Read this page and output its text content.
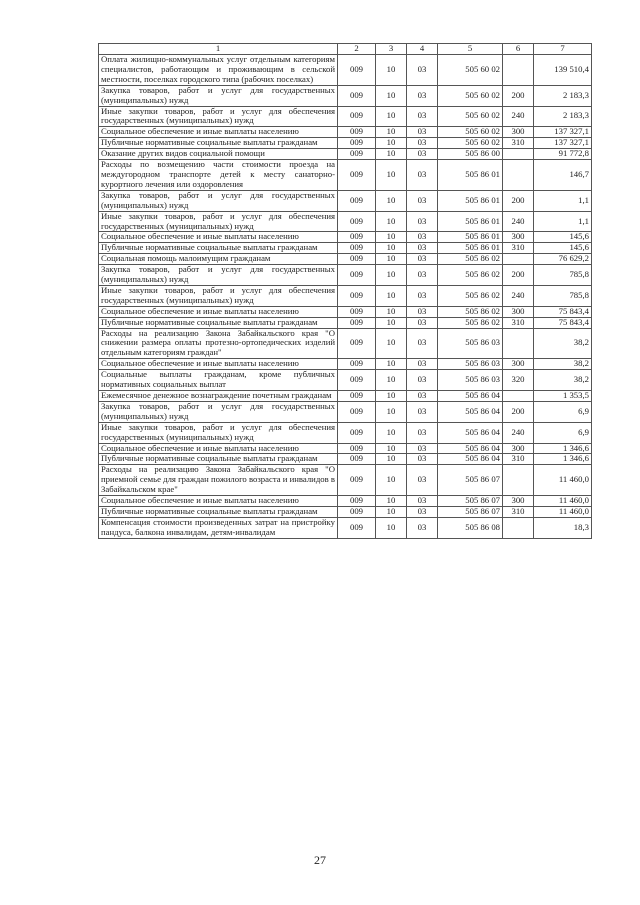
1	2	3	4	5	6	7
Оплата жилищно-коммунальных услуг отдельным категориям специалистов, работающим и проживающим в сельской местности, поселках городского типа (рабочих поселках)	009	10	03	505 60 02		139 510,4
Закупка товаров, работ и услуг для государственных (муниципальных) нужд	009	10	03	505 60 02	200	2 183,3
Иные закупки товаров, работ и услуг для обеспечения государственных (муниципальных) нужд	009	10	03	505 60 02	240	2 183,3
Социальное обеспечение и иные выплаты населению	009	10	03	505 60 02	300	137 327,1
Публичные нормативные социальные выплаты гражданам	009	10	03	505 60 02	310	137 327,1
Оказание других видов социальной помощи	009	10	03	505 86 00		91 772,8
Расходы по возмещению части стоимости проезда на междугородном транспорте детей к месту санаторно-курортного лечения или оздоровления	009	10	03	505 86 01		146,7
Закупка товаров, работ и услуг для государственных (муниципальных) нужд	009	10	03	505 86 01	200	1,1
Иные закупки товаров, работ и услуг для обеспечения государственных (муниципальных) нужд	009	10	03	505 86 01	240	1,1
Социальное обеспечение и иные выплаты населению	009	10	03	505 86 01	300	145,6
Публичные нормативные социальные выплаты гражданам	009	10	03	505 86 01	310	145,6
Социальная помощь малоимущим гражданам	009	10	03	505 86 02		76 629,2
Закупка товаров, работ и услуг для государственных (муниципальных) нужд	009	10	03	505 86 02	200	785,8
Иные закупки товаров, работ и услуг для обеспечения государственных (муниципальных) нужд	009	10	03	505 86 02	240	785,8
Социальное обеспечение и иные выплаты населению	009	10	03	505 86 02	300	75 843,4
Публичные нормативные социальные выплаты гражданам	009	10	03	505 86 02	310	75 843,4
Расходы на реализацию Закона Забайкальского края "О снижении размера оплаты протезно-ортопедических изделий отдельным категориям граждан"	009	10	03	505 86 03		38,2
Социальное обеспечение и иные выплаты населению	009	10	03	505 86 03	300	38,2
Социальные выплаты гражданам, кроме публичных нормативных социальных выплат	009	10	03	505 86 03	320	38,2
Ежемесячное денежное вознаграждение почетным гражданам	009	10	03	505 86 04		1 353,5
Закупка товаров, работ и услуг для государственных (муниципальных) нужд	009	10	03	505 86 04	200	6,9
Иные закупки товаров, работ и услуг для обеспечения государственных (муниципальных) нужд	009	10	03	505 86 04	240	6,9
Социальное обеспечение и иные выплаты населению	009	10	03	505 86 04	300	1 346,6
Публичные нормативные социальные выплаты гражданам	009	10	03	505 86 04	310	1 346,6
Расходы на реализацию Закона Забайкальского края "О приемной семье для граждан пожилого возраста и инвалидов в Забайкальском крае"	009	10	03	505 86 07		11 460,0
Социальное обеспечение и иные выплаты населению	009	10	03	505 86 07	300	11 460,0
Публичные нормативные социальные выплаты гражданам	009	10	03	505 86 07	310	11 460,0
Компенсация стоимости произведенных затрат на пристройку пандуса, балкона инвалидам, детям-инвалидам	009	10	03	505 86 08		18,3
27
